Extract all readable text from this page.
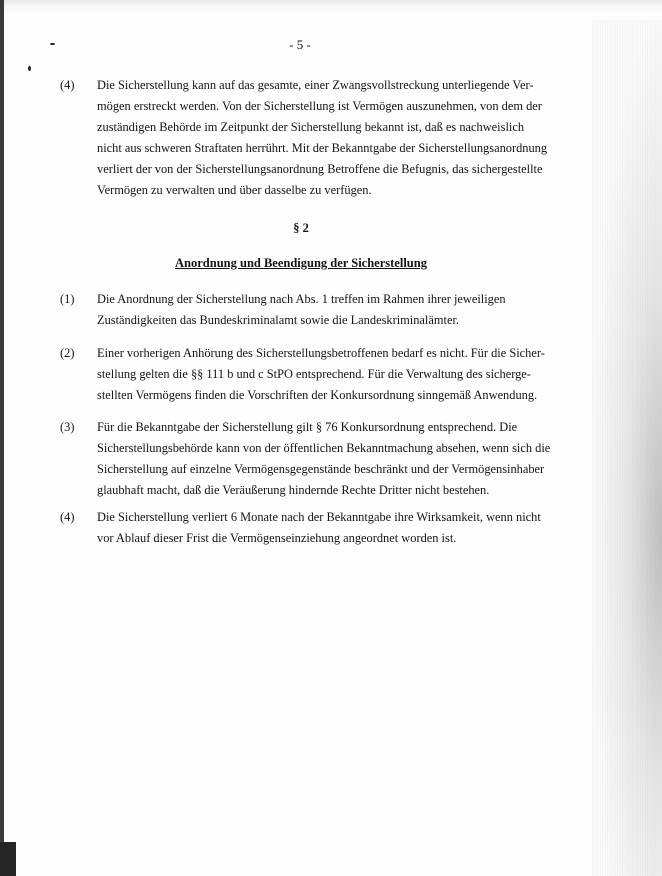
- 5 -
(4)	Die Sicherstellung kann auf das gesamte, einer Zwangsvollstreckung unterliegende Ver-
mögen erstreckt werden. Von der Sicherstellung ist Vermögen auszunehmen, von dem der
zuständigen Behörde im Zeitpunkt der Sicherstellung bekannt ist, daß es nachweislich
nicht aus schweren Straftaten herrührt. Mit der Bekanntgabe der Sicherstellungsanordnung
verliert der von der Sicherstellungsanordnung Betroffene die Befugnis, das sichergestellte
Vermögen zu verwalten und über dasselbe zu verfügen.
§ 2
Anordnung und Beendigung der Sicherstellung
(1)	Die Anordnung der Sicherstellung nach Abs. 1 treffen im Rahmen ihrer jeweiligen
Zuständigkeiten das Bundeskriminalamt sowie die Landeskriminalämter.
(2)	Einer vorherigen Anhörung des Sicherstellungsbetroffenen bedarf es nicht. Für die Sicher-
stellung gelten die §§ 111 b und c StPO entsprechend. Für die Verwaltung des sicherge-
stellten Vermögens finden die Vorschriften der Konkursordnung sinngemäß Anwendung.
(3)	Für die Bekanntgabe der Sicherstellung gilt § 76 Konkursordnung entsprechend. Die
Sicherstellungsbehörde kann von der öffentlichen Bekanntmachung absehen, wenn sich die
Sicherstellung auf einzelne Vermögensgegenstände beschränkt und der Vermögensinhaber
glaubhaft macht, daß die Veräußerung hindernde Rechte Dritter nicht bestehen.
(4)	Die Sicherstellung verliert 6 Monate nach der Bekanntgabe ihre Wirksamkeit, wenn nicht
vor Ablauf dieser Frist die Vermögenseinziehung angeordnet worden ist.
